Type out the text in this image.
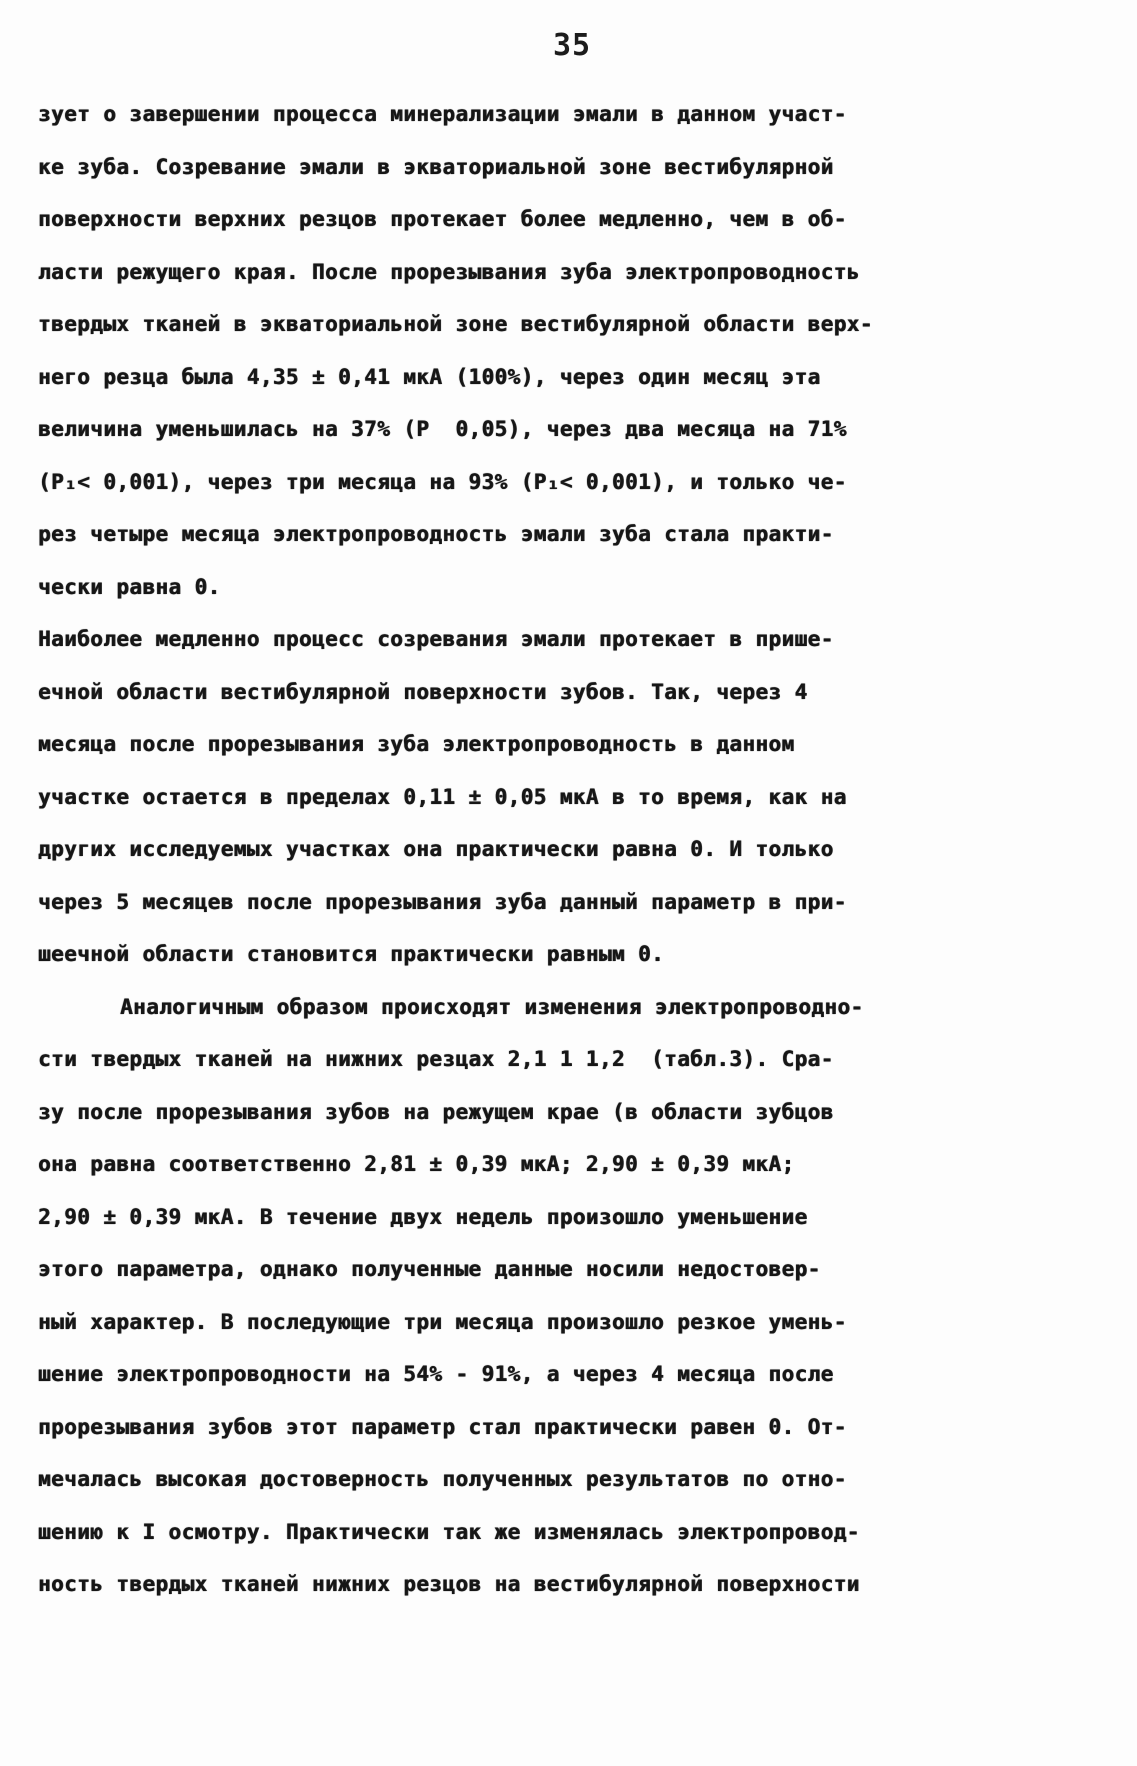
35
зует о завершении процесса минерализации эмали в данном участ-
ке зуба. Созревание эмали в экваториальной зоне вестибулярной
поверхности верхних резцов протекает более медленно, чем в об-
ласти режущего края. После прорезывания зуба электропроводность
твердых тканей в экваториальной зоне вестибулярной области верх-
него резца была 4,35 ± 0,41 мкА (100%), через один месяц эта
величина уменьшилась на 37% (P  0,05), через два месяца на 71%
(P₁< 0,001), через три месяца на 93% (P₁< 0,001), и только че-
рез четыре месяца электропроводность эмали зуба стала практи-
чески равна 0.
Наиболее медленно процесс созревания эмали протекает в прише-
ечной области вестибулярной поверхности зубов. Так, через 4
месяца после прорезывания зуба электропроводность в данном
участке остается в пределах 0,11 ± 0,05 мкА в то время, как на
других исследуемых участках она практически равна 0. И только
через 5 месяцев после прорезывания зуба данный параметр в при-
шеечной области становится практически равным 0.
Аналогичным образом происходят изменения электропроводно-
сти твердых тканей на нижних резцах 2,1 1 1,2  (табл.3). Сра-
зу после прорезывания зубов на режущем крае (в области зубцов
она равна соответственно 2,81 ± 0,39 мкА; 2,90 ± 0,39 мкА;
2,90 ± 0,39 мкА. В течение двух недель произошло уменьшение
этого параметра, однако полученные данные носили недостовер-
ный характер. В последующие три месяца произошло резкое умень-
шение электропроводности на 54% - 91%, а через 4 месяца после
прорезывания зубов этот параметр стал практически равен 0. От-
мечалась высокая достоверность полученных результатов по отно-
шению к I осмотру. Практически так же изменялась электропровод-
ность твердых тканей нижних резцов на вестибулярной поверхности
